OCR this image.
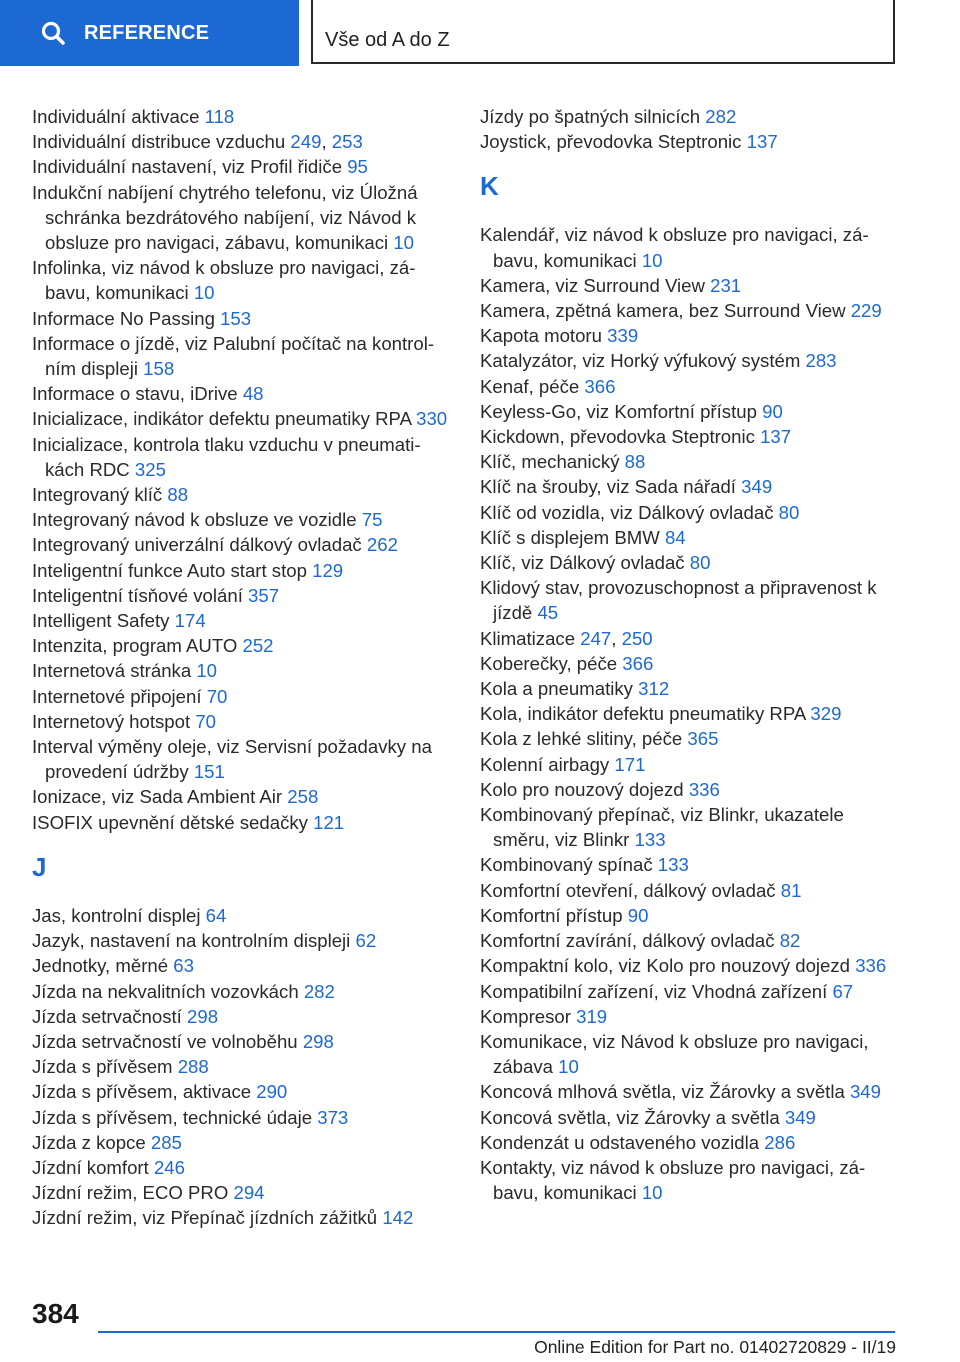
REFERENCE	Vše od A do Z
Individuální aktivace 118
Individuální distribuce vzduchu 249, 253
Individuální nastavení, viz Profil řidiče 95
Indukční nabíjení chytrého telefonu, viz Úložná schránka bezdrátového nabíjení, viz Návod k obsluze pro navigaci, zábavu, komunikaci 10
Infolinka, viz návod k obsluze pro navigaci, zábavu, komunikaci 10
Informace No Passing 153
Informace o jízdě, viz Palubní počítač na kontrolním displeji 158
Informace o stavu, iDrive 48
Inicializace, indikátor defektu pneumatiky RPA 330
Inicializace, kontrola tlaku vzduchu v pneumatikách RDC 325
Integrovaný klíč 88
Integrovaný návod k obsluze ve vozidle 75
Integrovaný univerzální dálkový ovladač 262
Inteligentní funkce Auto start stop 129
Inteligentní tísňové volání 357
Intelligent Safety 174
Intenzita, program AUTO 252
Internetová stránka 10
Internetové připojení 70
Internetový hotspot 70
Interval výměny oleje, viz Servisní požadavky na provedení údržby 151
Ionizace, viz Sada Ambient Air 258
ISOFIX upevnění dětské sedačky 121
J
Jas, kontrolní displej 64
Jazyk, nastavení na kontrolním displeji 62
Jednotky, měrné 63
Jízda na nekvalitních vozovkách 282
Jízda setrvačností 298
Jízda setrvačností ve volnoběhu 298
Jízda s přívěsem 288
Jízda s přívěsem, aktivace 290
Jízda s přívěsem, technické údaje 373
Jízda z kopce 285
Jízdní komfort 246
Jízdní režim, ECO PRO 294
Jízdní režim, viz Přepínač jízdních zážitků 142
Jízdy po špatných silnicích 282
Joystick, převodovka Steptronic 137
K
Kalendář, viz návod k obsluze pro navigaci, zábavu, komunikaci 10
Kamera, viz Surround View 231
Kamera, zpětná kamera, bez Surround View 229
Kapota motoru 339
Katalyzátor, viz Horký výfukový systém 283
Kenaf, péče 366
Keyless-Go, viz Komfortní přístup 90
Kickdown, převodovka Steptronic 137
Klíč, mechanický 88
Klíč na šrouby, viz Sada nářadí 349
Klíč od vozidla, viz Dálkový ovladač 80
Klíč s displejem BMW 84
Klíč, viz Dálkový ovladač 80
Klidový stav, provozuschopnost a připravenost k jízdě 45
Klimatizace 247, 250
Koberečky, péče 366
Kola a pneumatiky 312
Kola, indikátor defektu pneumatiky RPA 329
Kola z lehké slitiny, péče 365
Kolenní airbagy 171
Kolo pro nouzový dojezd 336
Kombinovaný přepínač, viz Blinkr, ukazatele směru, viz Blinkr 133
Kombinovaný spínač 133
Komfortní otevření, dálkový ovladač 81
Komfortní přístup 90
Komfortní zavírání, dálkový ovladač 82
Kompaktní kolo, viz Kolo pro nouzový dojezd 336
Kompatibilní zařízení, viz Vhodná zařízení 67
Kompresor 319
Komunikace, viz Návod k obsluze pro navigaci, zábava 10
Koncová mlhová světla, viz Žárovky a světla 349
Koncová světla, viz Žárovky a světla 349
Kondenzát u odstaveného vozidla 286
Kontakty, viz návod k obsluze pro navigaci, zábavu, komunikaci 10
384
Online Edition for Part no. 01402720829 - II/19
